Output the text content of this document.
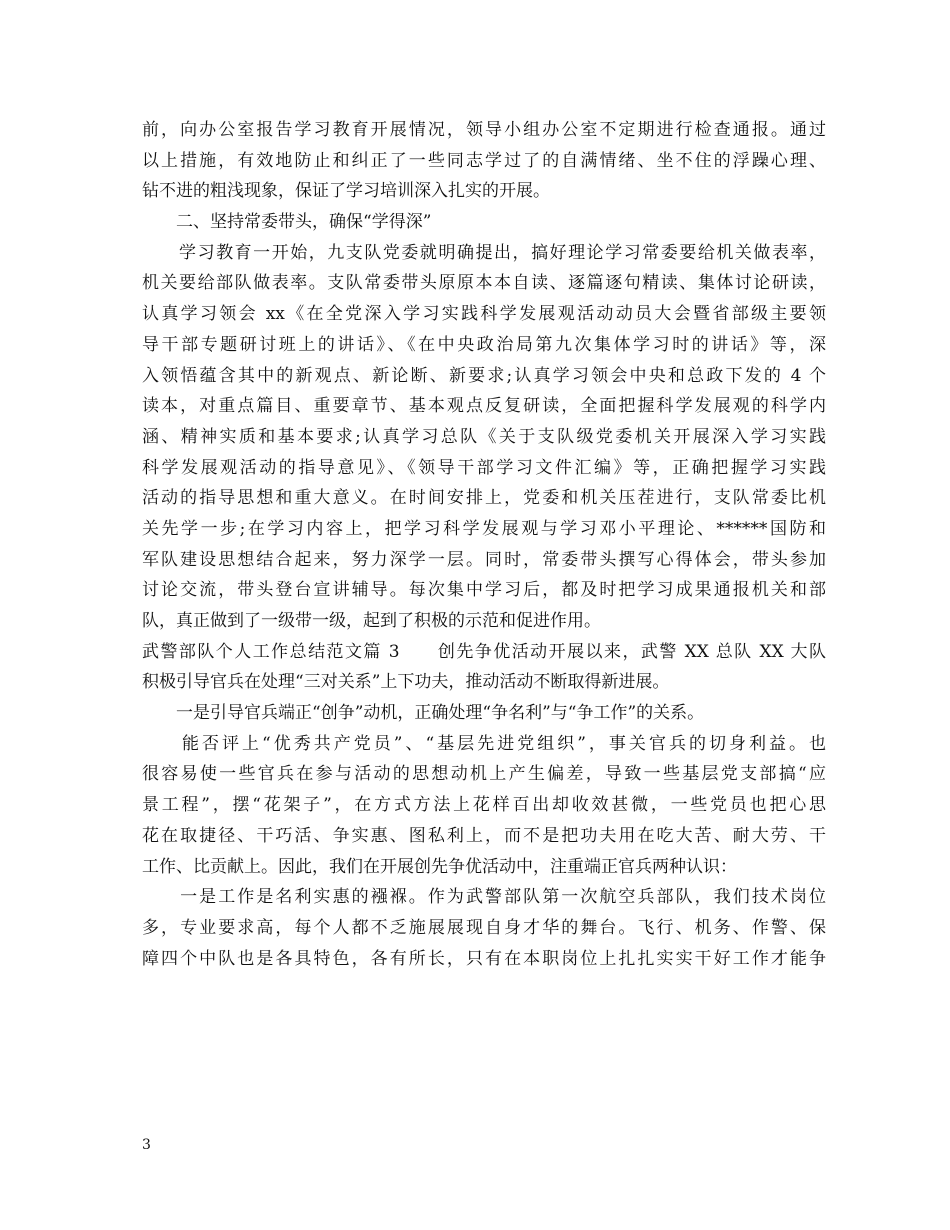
前，向办公室报告学习教育开展情况，领导小组办公室不定期进行检查通报。通过
以上措施，有效地防止和纠正了一些同志学过了的自满情绪、坐不住的浮躁心理、
钻不进的粗浅现象，保证了学习培训深入扎实的开展。
　　二、坚持常委带头，确保“学得深”
　　学习教育一开始，九支队党委就明确提出，搞好理论学习常委要给机关做表率，
机关要给部队做表率。支队常委带头原原本本自读、逐篇逐句精读、集体讨论研读，
认真学习领会 xx《在全党深入学习实践科学发展观活动动员大会暨省部级主要领
导干部专题研讨班上的讲话》、《在中央政治局第九次集体学习时的讲话》等，深
入领悟蕴含其中的新观点、新论断、新要求;认真学习领会中央和总政下发的 4 个
读本，对重点篇目、重要章节、基本观点反复研读，全面把握科学发展观的科学内
涵、精神实质和基本要求;认真学习总队《关于支队级党委机关开展深入学习实践
科学发展观活动的指导意见》、《领导干部学习文件汇编》等，正确把握学习实践
活动的指导思想和重大意义。在时间安排上，党委和机关压茬进行，支队常委比机
关先学一步;在学习内容上，把学习科学发展观与学习邓小平理论、******国防和
军队建设思想结合起来，努力深学一层。同时，常委带头撰写心得体会，带头参加
讨论交流，带头登台宣讲辅导。每次集中学习后，都及时把学习成果通报机关和部
队，真正做到了一级带一级，起到了积极的示范和促进作用。
武警部队个人工作总结范文篇 3　　创先争优活动开展以来，武警 XX 总队 XX 大队
积极引导官兵在处理“三对关系”上下功夫，推动活动不断取得新进展。
　　一是引导官兵端正“创争”动机，正确处理“争名利”与“争工作”的关系。
　　能否评上“优秀共产党员”、“基层先进党组织”，事关官兵的切身利益。也
很容易使一些官兵在参与活动的思想动机上产生偏差，导致一些基层党支部搞“应
景工程”，摆“花架子”，在方式方法上花样百出却收效甚微，一些党员也把心思
花在取捷径、干巧活、争实惠、图私利上，而不是把功夫用在吃大苦、耐大劳、干
工作、比贡献上。因此，我们在开展创先争优活动中，注重端正官兵两种认识：
　　一是工作是名利实惠的襁褓。作为武警部队第一次航空兵部队，我们技术岗位
多，专业要求高，每个人都不乏施展展现自身才华的舞台。飞行、机务、作警、保
障四个中队也是各具特色，各有所长，只有在本职岗位上扎扎实实干好工作才能争
3
